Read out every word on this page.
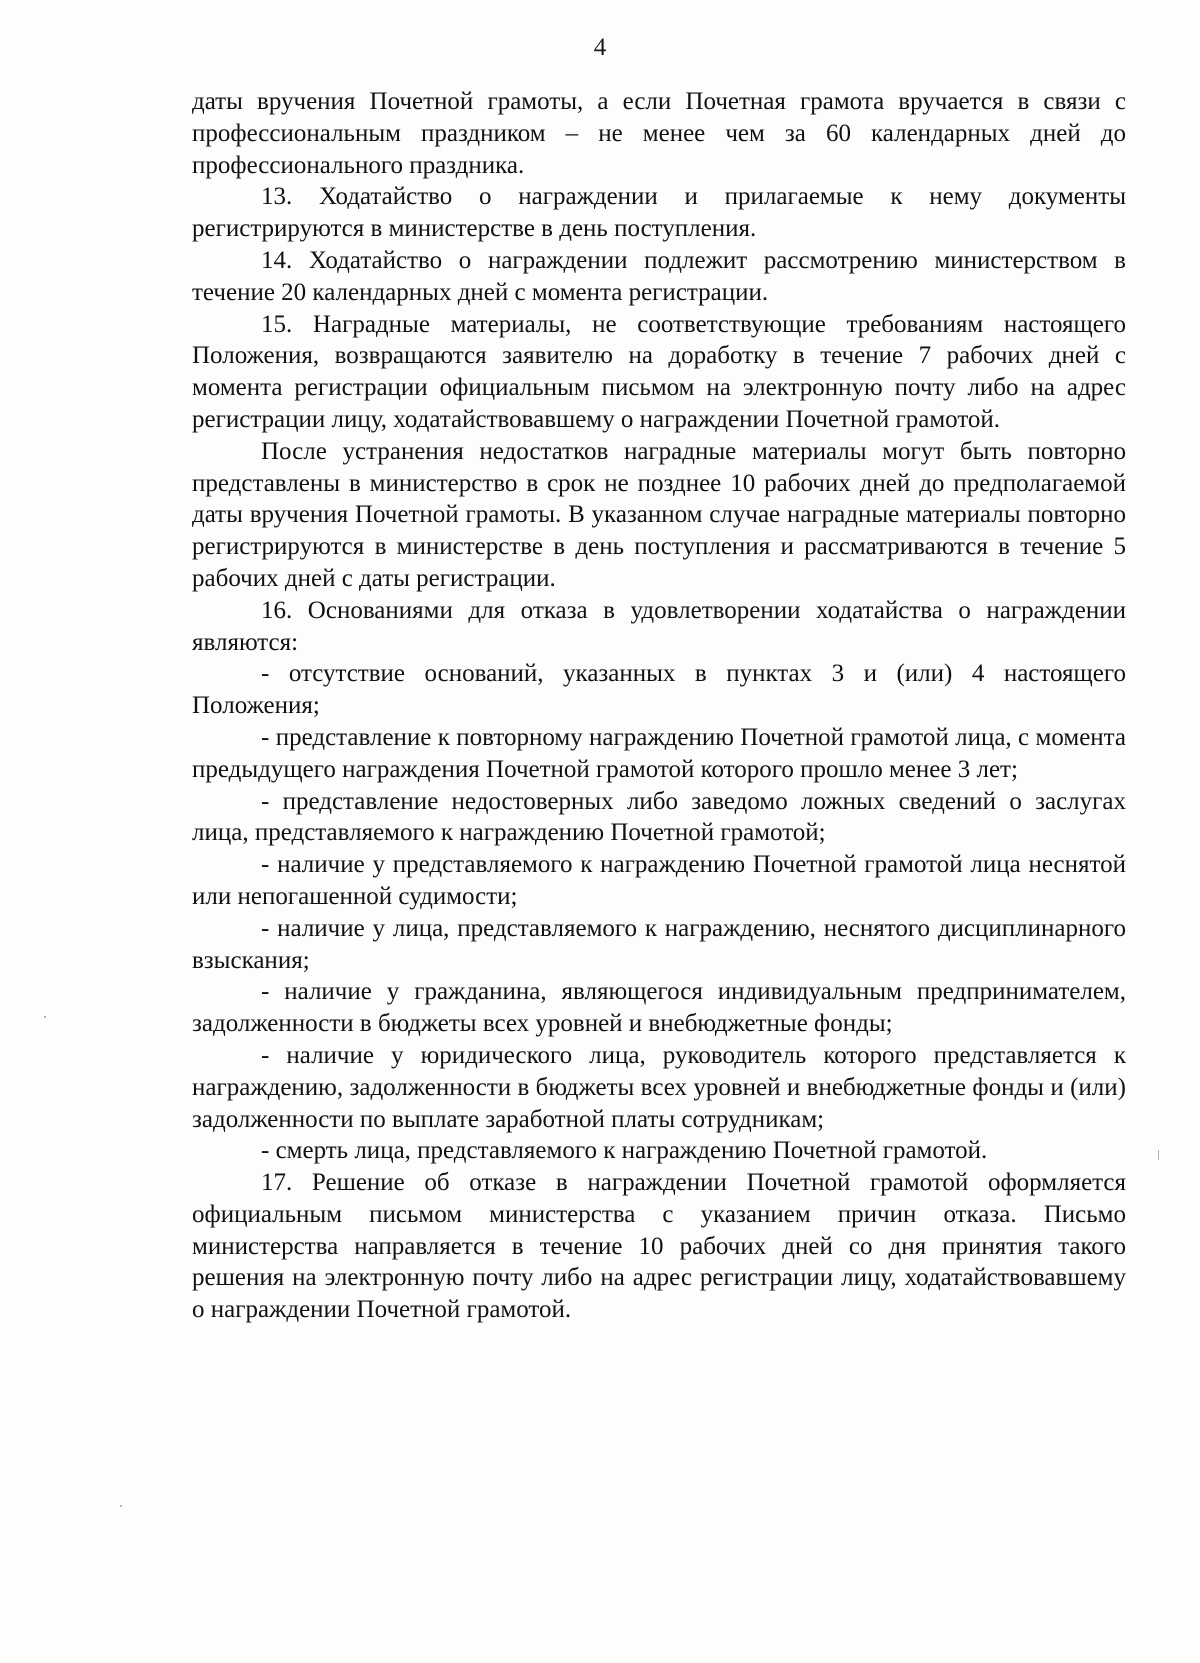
4

даты вручения Почетной грамоты, а если Почетная грамота вручается в связи с профессиональным праздником – не менее чем за 60 календарных дней до профессионального праздника.

13. Ходатайство о награждении и прилагаемые к нему документы регистрируются в министерстве в день поступления.

14. Ходатайство о награждении подлежит рассмотрению министерством в течение 20 календарных дней с момента регистрации.

15. Наградные материалы, не соответствующие требованиям настоящего Положения, возвращаются заявителю на доработку в течение 7 рабочих дней с момента регистрации официальным письмом на электронную почту либо на адрес регистрации лицу, ходатайствовавшему о награждении Почетной грамотой.

После устранения недостатков наградные материалы могут быть повторно представлены в министерство в срок не позднее 10 рабочих дней до предполагаемой даты вручения Почетной грамоты. В указанном случае наградные материалы повторно регистрируются в министерстве в день поступления и рассматриваются в течение 5 рабочих дней с даты регистрации.

16. Основаниями для отказа в удовлетворении ходатайства о награждении являются:

- отсутствие оснований, указанных в пунктах 3 и (или) 4 настоящего Положения;

- представление к повторному награждению Почетной грамотой лица, с момента предыдущего награждения Почетной грамотой которого прошло менее 3 лет;

- представление недостоверных либо заведомо ложных сведений о заслугах лица, представляемого к награждению Почетной грамотой;

- наличие у представляемого к награждению Почетной грамотой лица неснятой или непогашенной судимости;

- наличие у лица, представляемого к награждению, неснятого дисциплинарного взыскания;

- наличие у гражданина, являющегося индивидуальным предпринимателем, задолженности в бюджеты всех уровней и внебюджетные фонды;

- наличие у юридического лица, руководитель которого представляется к награждению, задолженности в бюджеты всех уровней и внебюджетные фонды и (или) задолженности по выплате заработной платы сотрудникам;

- смерть лица, представляемого к награждению Почетной грамотой.

17. Решение об отказе в награждении Почетной грамотой оформляется официальным письмом министерства с указанием причин отказа. Письмо министерства направляется в течение 10 рабочих дней со дня принятия такого решения на электронную почту либо на адрес регистрации лицу, ходатайствовавшему о награждении Почетной грамотой.
